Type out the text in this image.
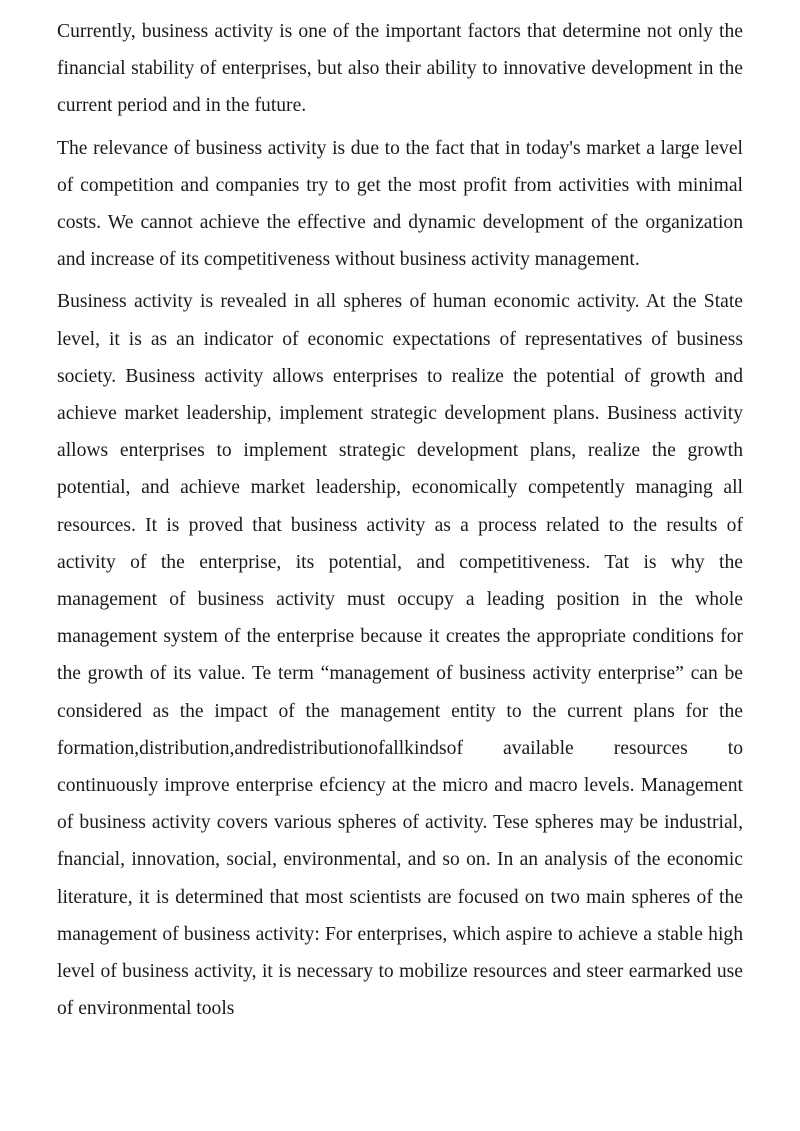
Currently, business activity is one of the important factors that determine not only the financial stability of enterprises, but also their ability to innovative development in the current period and in the future.

The relevance of business activity is due to the fact that in today's market a large level of competition and companies try to get the most profit from activities with minimal costs. We cannot achieve the effective and dynamic development of the organization and increase of its competitiveness without business activity management.

Business activity is revealed in all spheres of human economic activity. At the State level, it is as an indicator of economic expectations of representatives of business society. Business activity allows enterprises to realize the potential of growth and achieve market leadership, implement strategic development plans. Business activity allows enterprises to implement strategic development plans, realize the growth potential, and achieve market leadership, economically competently managing all resources. It is proved that business activity as a process related to the results of activity of the enterprise, its potential, and competitiveness. Tat is why the management of business activity must occupy a leading position in the whole management system of the enterprise because it creates the appropriate conditions for the growth of its value. Te term “management of business activity enterprise” can be considered as the impact of the management entity to the current plans for the formation,distribution,andredistributionofallkindsof available resources to continuously improve enterprise efciency at the micro and macro levels. Management of business activity covers various spheres of activity. Tese spheres may be industrial, fnancial, innovation, social, environmental, and so on. In an analysis of the economic literature, it is determined that most scientists are focused on two main spheres of the management of business activity: For enterprises, which aspire to achieve a stable high level of business activity, it is necessary to mobilize resources and steer earmarked use of environmental tools
